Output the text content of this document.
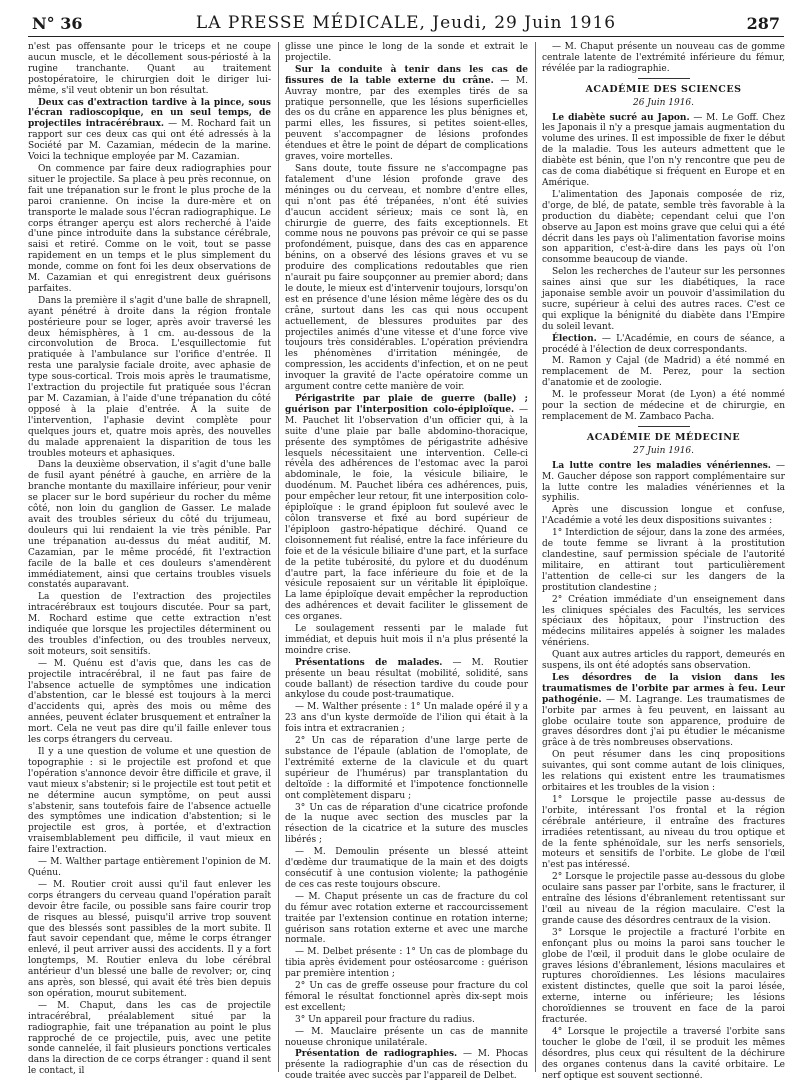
N° 36	LA PRESSE MÉDICALE, Jeudi, 29 Juin 1916	287

n'est pas offensante pour le triceps et ne coupe aucun muscle, et le décollement sous-périosté à la rugine tranchante. Quant au traitement postopératoire, le chirurgien doit le diriger lui-même, s'il veut obtenir un bon résultat.

Deux cas d'extraction tardive à la pince, sous l'écran radioscopique, en un seul temps, de projectiles intracérébraux. — M. Rochard fait un rapport sur ces deux cas qui ont été adressés à la Société par M. Cazamian, médecin de la marine. Voici la technique employée par M. Cazamian.

On commence par faire deux radiographies pour situer le projectile. Sa place à peu près reconnue, on fait une trépanation sur le front le plus proche de la paroi cranienne. On incise la dure-mère et on transporte le malade sous l'écran radiographique. Le corps étranger aperçu est alors recherché à l'aide d'une pince introduite dans la substance cérébrale, saisi et retiré. Comme on le voit, tout se passe rapidement en un temps et le plus simplement du monde, comme on font foi les deux observations de M. Cazamian et qui enregistrent deux guérisons parfaites.

Dans la première il s'agit d'une balle de shrapnell, ayant pénétré à droite dans la région frontale postérieure pour se loger, après avoir traversé les deux hémisphères, à 1 cm. au-dessous de la circonvolution de Broca. L'esquillectomie fut pratiquée à l'ambulance sur l'orifice d'entrée. Il resta une paralysie faciale droite, avec aphasie de type sous-cortical. Trois mois après le traumatisme, l'extraction du projectile fut pratiquée sous l'écran par M. Cazamian, à l'aide d'une trépanation du côté opposé à la plaie d'entrée. À la suite de l'intervention, l'aphasie devint complète pour quelques jours et, quatre mois après, des nouvelles du malade apprenaient la disparition de tous les troubles moteurs et aphasiques.

Dans la deuxième observation, il s'agit d'une balle de fusil ayant pénétré à gauche, en arrière de la branche montante du maxillaire inférieur, pour venir se placer sur le bord supérieur du rocher du même côté, non loin du ganglion de Gasser. Le malade avait des troubles sérieux du côté du trijumeau, douleurs qui lui rendaient la vie très pénible. Par une trépanation au-dessus du méat auditif, M. Cazamian, par le même procédé, fit l'extraction facile de la balle et ces douleurs s'amendèrent immédiatement, ainsi que certains troubles visuels constatés auparavant.

La question de l'extraction des projectiles intracérébraux est toujours discutée. Pour sa part, M. Rochard estime que cette extraction n'est indiquée que lorsque les projectiles déterminent ou des troubles d'infection, ou des troubles nerveux, soit moteurs, soit sensitifs.

— M. Quénu est d'avis que, dans les cas de projectile intracérébral, il ne faut pas faire de l'absence actuelle de symptômes une indication d'abstention, car le blessé est toujours à la merci d'accidents qui, après des mois ou même des années, peuvent éclater brusquement et entraîner la mort. Cela ne veut pas dire qu'il faille enlever tous les corps étrangers du cerveau.

Il y a une question de volume et une question de topographie : si le projectile est profond et que l'opération s'annonce devoir être difficile et grave, il vaut mieux s'abstenir; si le projectile est tout petit et ne détermine aucun symptôme, on peut aussi s'abstenir, sans toutefois faire de l'absence actuelle des symptômes une indication d'abstention; si le projectile est gros, à portée, et d'extraction vraisemblablement peu difficile, il vaut mieux en faire l'extraction.

— M. Walther partage entièrement l'opinion de M. Quénu.

— M. Routier croit aussi qu'il faut enlever les corps étrangers du cerveau quand l'opération paraît devoir être facile, ou possible sans faire courir trop de risques au blessé, puisqu'il arrive trop souvent que des blessés sont passibles de la mort subite. Il faut savoir cependant que, même le corps étranger enlevé, il peut arriver aussi des accidents. Il y a fort longtemps, M. Routier enleva du lobe cérébral antérieur d'un blessé une balle de revolver; or, cinq ans après, son blessé, qui avait été très bien depuis son opération, mourut subitement.

— M. Chaput, dans les cas de projectile intracérébral, préalablement situé par la radiographie, fait une trépanation au point le plus rapproché de ce projectile, puis, avec une petite sonde cannelée, il fait plusieurs ponctions verticales dans la direction de ce corps étranger : quand il sent le contact, il

glisse une pince le long de la sonde et extrait le projectile.

Sur la conduite à tenir dans les cas de fissures de la table externe du crâne. — M. Auvray montre, par des exemples tirés de sa pratique personnelle, que les lésions superficielles des os du crâne en apparence les plus bénignes et, parmi elles, les fissures, si petites soient-elles, peuvent s'accompagner de lésions profondes étendues et être le point de départ de complications graves, voire mortelles.

Sans doute, toute fissure ne s'accompagne pas fatalement d'une lésion profonde grave des méninges ou du cerveau, et nombre d'entre elles, qui n'ont pas été trépanées, n'ont été suivies d'aucun accident sérieux; mais ce sont là, en chirurgie de guerre, des faits exceptionnels. Et comme nous ne pouvons pas prévoir ce qui se passe profondément, puisque, dans des cas en apparence bénins, on a observé des lésions graves et vu se produire des complications redoutables que rien n'aurait pu faire soupçonner au premier abord; dans le doute, le mieux est d'intervenir toujours, lorsqu'on est en présence d'une lésion même légère des os du crâne, surtout dans les cas qui nous occupent actuellement, de blessures produites par des projectiles animés d'une vitesse et d'une force vive toujours très considérables. L'opération préviendra les phénomènes d'irritation méningée, de compression, les accidents d'infection, et on ne peut invoquer la gravité de l'acte opératoire comme un argument contre cette manière de voir.

Périgastrite par plaie de guerre (balle) ; guérison par l'interposition colo-épiploïque. — M. Pauchet lit l'observation d'un officier qui, à la suite d'une plaie par balle abdomino-thoracique, présente des symptômes de périgastrite adhésive lesquels nécessitaient une intervention. Celle-ci révéla des adhérences de l'estomac avec la paroi abdominale, le foie, la vésicule biliaire, le duodénum. M. Pauchet libéra ces adhérences, puis, pour empêcher leur retour, fit une interposition colo-épiploïque : le grand épiploon fut soulevé avec le côlon transverse et fixé au bord supérieur de l'épiploon gastro-hépatique déchiré. Quand ce cloisonnement fut réalisé, entre la face inférieure du foie et de la vésicule biliaire d'une part, et la surface de la petite tubérosité, du pylore et du duodénum d'autre part, la face inférieure du foie et de la vésicule reposaient sur un véritable lit épiploïque. La lame épiploïque devait empêcher la reproduction des adhérences et devait faciliter le glissement de ces organes.

Le soulagement ressenti par le malade fut immédiat, et depuis huit mois il n'a plus présenté la moindre crise.

Présentations de malades. — M. Routier présente un beau résultat (mobilité, solidité, sans coude ballant) de résection tardive du coude pour ankylose du coude post-traumatique.

— M. Walther présente : 1° Un malade opéré il y a 23 ans d'un kyste dermoïde de l'ilion qui était à la fois intra et extracranien ;

2° Un cas de réparation d'une large perte de substance de l'épaule (ablation de l'omoplate, de l'extrémité externe de la clavicule et du quart supérieur de l'humérus) par transplantation du deltoïde : la difformité et l'impotence fonctionnelle ont complètement disparu ;

3° Un cas de réparation d'une cicatrice profonde de la nuque avec section des muscles par la résection de la cicatrice et la suture des muscles libérés ;

— M. Demoulin présente un blessé atteint d'œdème dur traumatique de la main et des doigts consécutif à une contusion violente; la pathogénie de ces cas reste toujours obscure.

— M. Chaput présente un cas de fracture du col du fémur avec rotation externe et raccourcissement traitée par l'extension continue en rotation interne; guérison sans rotation externe et avec une marche normale.

— M. Delbet présente : 1° Un cas de plombage du tibia après évidement pour ostéosarcome : guérison par première intention ;

2° Un cas de greffe osseuse pour fracture du col fémoral le résultat fonctionnel après dix-sept mois est excellent;

3° Un appareil pour fracture du radius.

— M. Mauclaire présente un cas de mannite noueuse chronique unilatérale.

Présentation de radiographies. — M. Phocas présente la radiographie d'un cas de résection du coude traitée avec succès par l'appareil de Delbet.

— M. Chaput présente un nouveau cas de gomme centrale latente de l'extrémité inférieure du fémur, révélée par la radiographie.

ACADÉMIE DES SCIENCES

26 Juin 1916.

Le diabète sucré au Japon. — M. Le Goff. Chez les Japonais il n'y a presque jamais augmentation du volume des urines. Il est impossible de fixer le début de la maladie. Tous les auteurs admettent que le diabète est bénin, que l'on n'y rencontre que peu de cas de coma diabétique si fréquent en Europe et en Amérique.

L'alimentation des Japonais composée de riz, d'orge, de blé, de patate, semble très favorable à la production du diabète; cependant celui que l'on observe au Japon est moins grave que celui qui a été décrit dans les pays où l'alimentation favorise moins son apparition, c'est-à-dire dans les pays où l'on consomme beaucoup de viande.

Selon les recherches de l'auteur sur les personnes saines ainsi que sur les diabétiques, la race japonaise semble avoir un pouvoir d'assimilation du sucre, supérieur à celui des autres races. C'est ce qui explique la bénignité du diabète dans l'Empire du soleil levant.

Élection. — L'Académie, en cours de séance, a procédé à l'élection de deux correspondants.

M. Ramon y Cajal (de Madrid) a été nommé en remplacement de M. Perez, pour la section d'anatomie et de zoologie.

M. le professeur Morat (de Lyon) a été nommé pour la section de médecine et de chirurgie, en remplacement de M. Zambaco Pacha.

ACADÉMIE DE MÉDECINE

27 Juin 1916.

La lutte contre les maladies vénériennes. — M. Gaucher dépose son rapport complémentaire sur la lutte contre les maladies vénériennes et la syphilis.

Après une discussion longue et confuse, l'Académie a voté les deux dispositions suivantes :

1° Interdiction de séjour, dans la zone des armées, de toute femme se livrant à la prostitution clandestine, sauf permission spéciale de l'autorité militaire, en attirant tout particulièrement l'attention de celle-ci sur les dangers de la prostitution clandestine ;

2° Création immédiate d'un enseignement dans les cliniques spéciales des Facultés, les services spéciaux des hôpitaux, pour l'instruction des médecins militaires appelés à soigner les malades vénériens.

Quant aux autres articles du rapport, demeurés en suspens, ils ont été adoptés sans observation.

Les désordres de la vision dans les traumatismes de l'orbite par armes à feu. Leur pathogénie. — M. Lagrange. Les traumatismes de l'orbite par armes à feu peuvent, en laissant au globe oculaire toute son apparence, produire de graves désordres dont j'ai pu étudier le mécanisme grâce à de très nombreuses observations.

On peut résumer dans les cinq propositions suivantes, qui sont comme autant de lois cliniques, les relations qui existent entre les traumatismes orbitaires et les troubles de la vision :

1° Lorsque le projectile passe au-dessus de l'orbite, intéressant l'os frontal et la région cérébrale antérieure, il entraîne des fractures irradiées retentissant, au niveau du trou optique et de la fente sphénoïdale, sur les nerfs sensoriels, moteurs et sensitifs de l'orbite. Le globe de l'œil n'est pas intéressé.

2° Lorsque le projectile passe au-dessous du globe oculaire sans passer par l'orbite, sans le fracturer, il entraîne des lésions d'ébranlement retentissant sur l'œil au niveau de la région maculaire. C'est la grande cause des désordres centraux de la vision.

3° Lorsque le projectile a fracturé l'orbite en enfonçant plus ou moins la paroi sans toucher le globe de l'œil, il produit dans le globe oculaire de graves lésions d'ébranlement, lésions maculaires et ruptures choroïdiennes. Les lésions maculaires existent distinctes, quelle que soit la paroi lésée, externe, interne ou inférieure; les lésions choroïdiennes se trouvent en face de la paroi fracturée.

4° Lorsque le projectile a traversé l'orbite sans toucher le globe de l'œil, il se produit les mêmes désordres, plus ceux qui résultent de la déchirure des organes contenus dans la cavité orbitaire. Le nerf optique est souvent sectionné.
